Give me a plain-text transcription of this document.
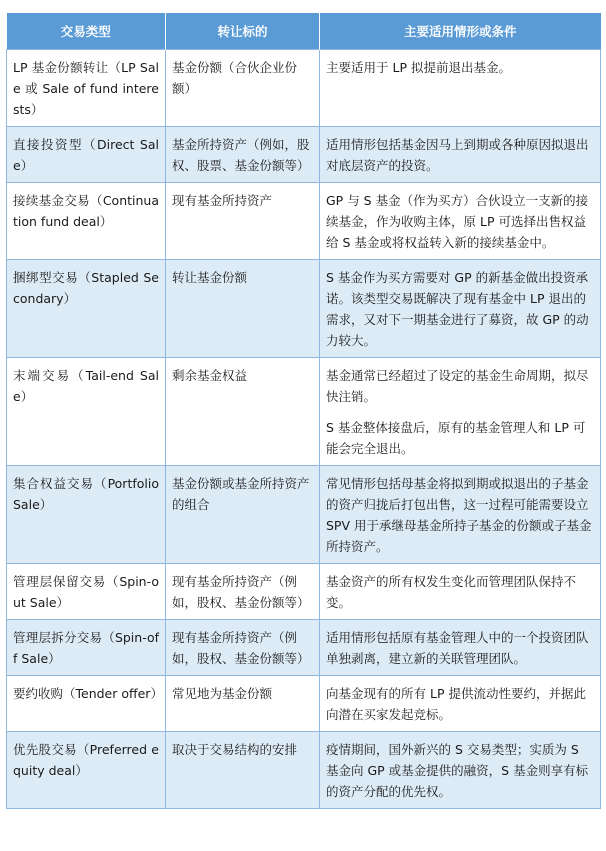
交易类型	转让标的	主要适用情形或条件
LP 基金份额转让（LP Sale 或 Sale of fund interests）	基金份额（合伙企业份额）	主要适用于 LP 拟提前退出基金。

直接投资型（Direct Sale）	基金所持资产（例如，股权、股票、基金份额等）	适用情形包括基金因马上到期或各种原因拟退出对底层资产的投资。

接续基金交易（Continuation fund deal）	现有基金所持资产	GP 与 S 基金（作为买方）合伙设立一支新的接续基金，作为收购主体，原 LP 可选择出售权益给 S 基金或将权益转入新的接续基金中。

捆绑型交易（Stapled Secondary）	转让基金份额	S 基金作为买方需要对 GP 的新基金做出投资承诺。该类型交易既解决了现有基金中 LP 退出的需求，又对下一期基金进行了募资，故 GP 的动力较大。

末端交易（Tail-end Sale）	剩余基金权益	基金通常已经超过了设定的基金生命周期，拟尽快注销。
S 基金整体接盘后，原有的基金管理人和 LP 可能会完全退出。

集合权益交易（Portfolio Sale）	基金份额或基金所持资产的组合	常见情形包括母基金将拟到期或拟退出的子基金的资产归拢后打包出售，这一过程可能需要设立 SPV 用于承继母基金所持子基金的份额或子基金所持资产。

管理层保留交易（Spin-out Sale）	现有基金所持资产（例如，股权、基金份额等）	基金资产的所有权发生变化而管理团队保持不变。

管理层拆分交易（Spin-off Sale）	现有基金所持资产（例如，股权、基金份额等）	适用情形包括原有基金管理人中的一个投资团队单独剥离，建立新的关联管理团队。

要约收购（Tender offer）	常见地为基金份额	向基金现有的所有 LP 提供流动性要约，并据此向潜在买家发起竞标。

优先股交易（Preferred equity deal）	取决于交易结构的安排	疫情期间，国外新兴的 S 交易类型；实质为 S 基金向 GP 或基金提供的融资，S 基金则享有标的资产分配的优先权。
